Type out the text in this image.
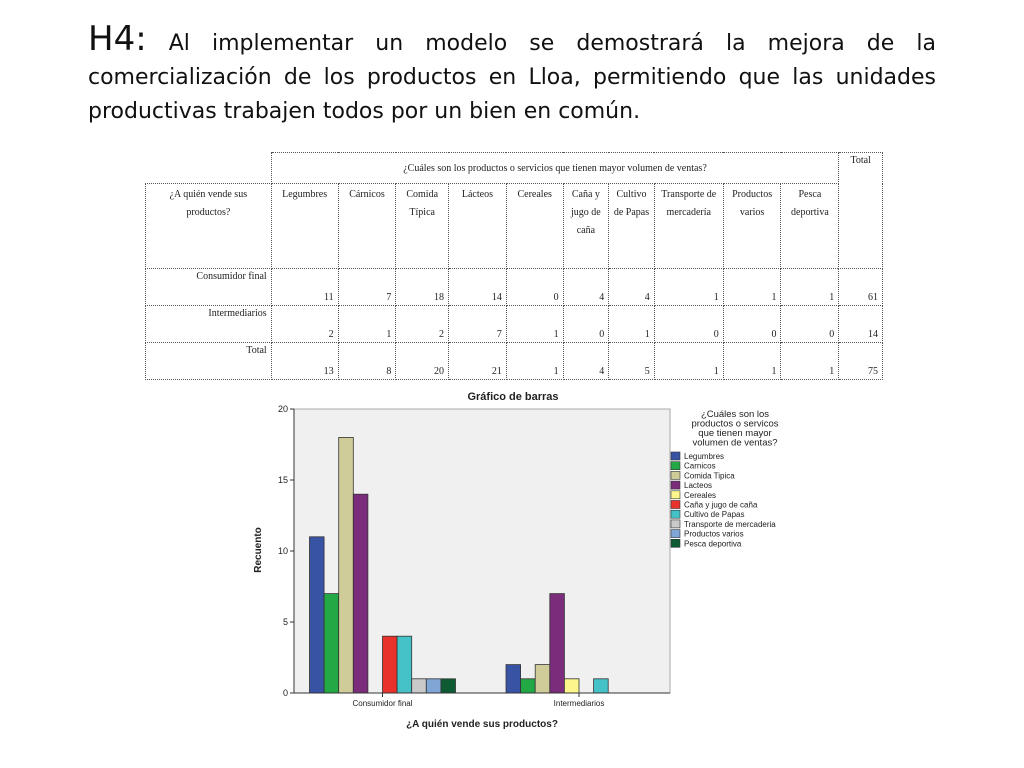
H4: Al implementar un modelo se demostrará la mejora de la comercialización de los productos en Lloa, permitiendo que las unidades productivas trabajen todos por un bien en común.

	¿Cuáles son los productos o servicios que tienen mayor volumen de ventas?										Total
¿A quién vende sus productos?	Legumbres	Cárnicos	Comida Típica	Lácteos	Cereales	Caña y jugo de caña	Cultivo de Papas	Transporte de mercadería	Productos varios	Pesca deportiva	
Consumidor final	11	7	18	14	0	4	4	1	1	1	61
Intermediarios	2	1	2	7	1	0	1	0	0	0	14
Total	13	8	20	21	1	4	5	1	1	1	75
Gráfico de barras
Recuento
¿A quién vende sus productos?
0
5
10
15
20
Consumidor final	Intermediarios
¿Cuáles son los productos o servicos que tienen mayor volumen de ventas?
Legumbres
Carnicos
Comida Tipica
Lacteos
Cereales
Caña y jugo de caña
Cultivo de Papas
Transporte de mercaderia
Productos varios
Pesca deportiva
